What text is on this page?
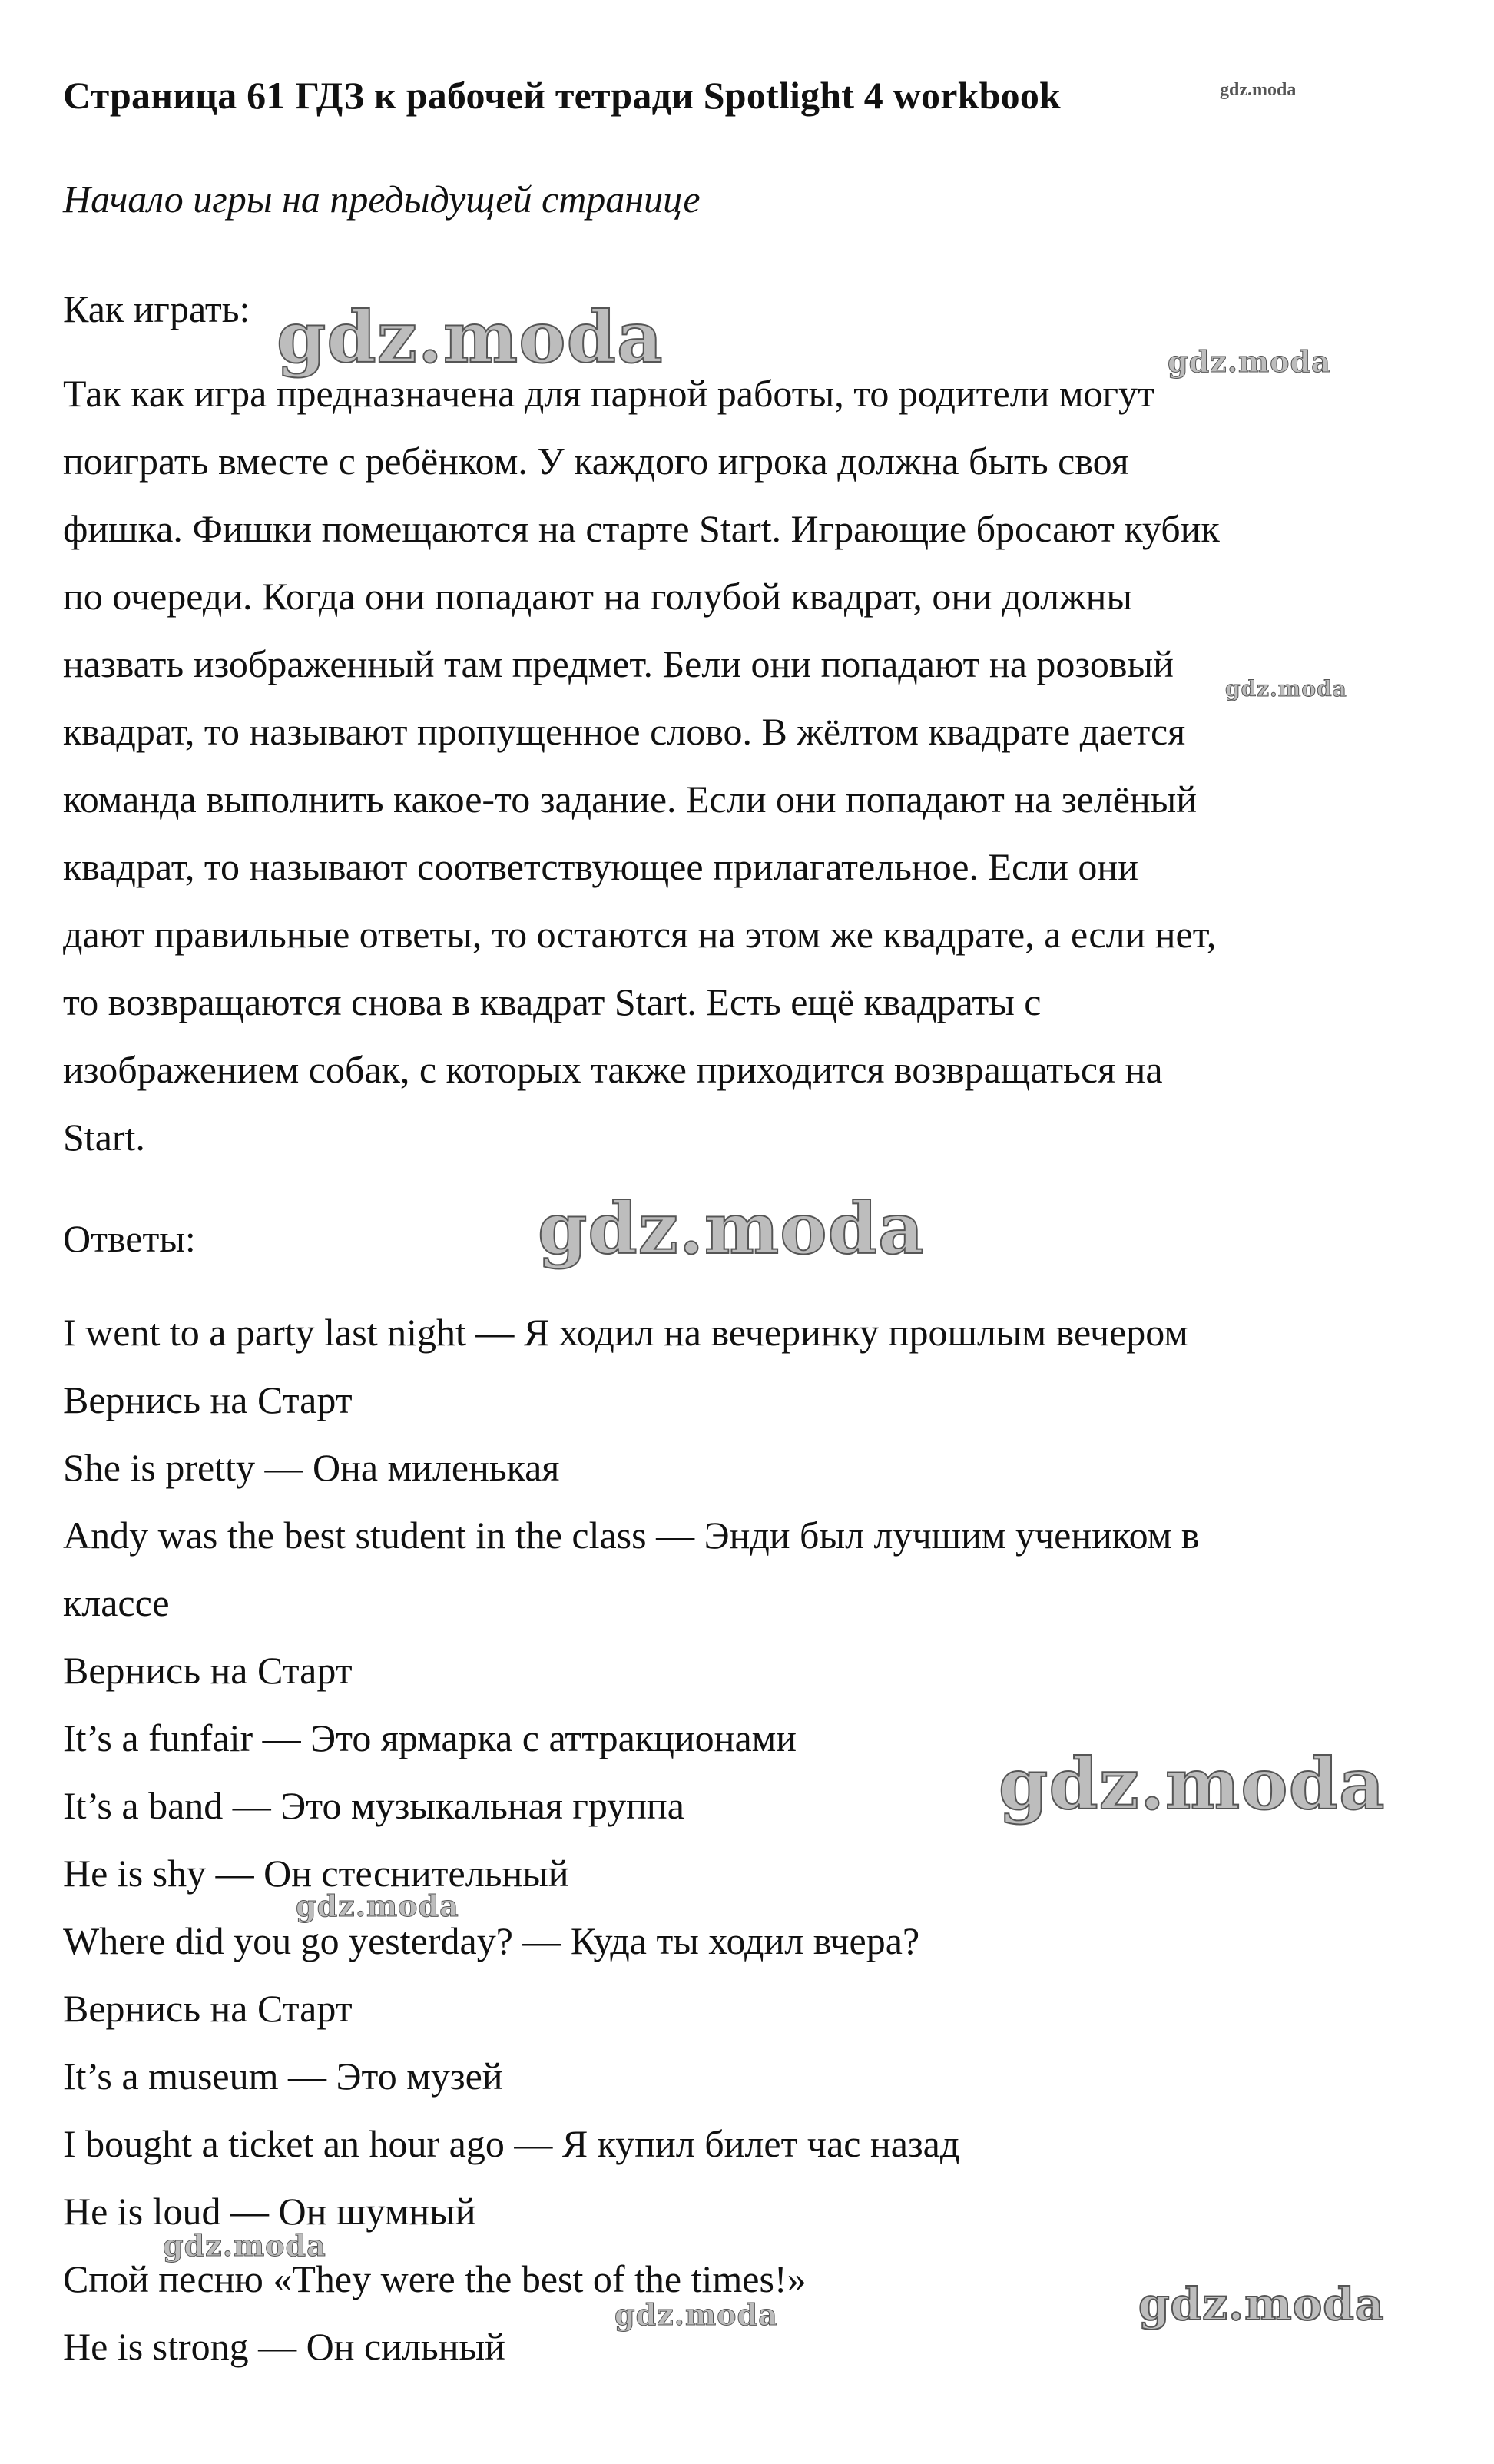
Страница 61 ГДЗ к рабочей тетради Spotlight 4 workbook	gdz.moda
Начало игры на предыдущей странице
Как играть:
Так как игра предназначена для парной работы, то родители могут
поиграть вместе с ребёнком. У каждого игрока должна быть своя
фишка. Фишки помещаются на старте Start. Играющие бросают кубик
по очереди. Когда они попадают на голубой квадрат, они должны
назвать изображенный там предмет. Бели они попадают на розовый
квадрат, то называют пропущенное слово. В жёлтом квадрате дается
команда выполнить какое-то задание. Если они попадают на зелёный
квадрат, то называют соответствующее прилагательное. Если они
дают правильные ответы, то остаются на этом же квадрате, а если нет,
то возвращаются снова в квадрат Start. Есть ещё квадраты с
изображением собак, с которых также приходится возвращаться на
Start.
Ответы:
I went to a party last night — Я ходил на вечеринку прошлым вечером
Вернись на Старт
She is pretty — Она миленькая
Andy was the best student in the class — Энди был лучшим учеником в
классе
Вернись на Старт
It’s a funfair — Это ярмарка с аттракционами
It’s a band — Это музыкальная группа
He is shy — Он стеснительный
Where did you go yesterday? — Куда ты ходил вчера?
Вернись на Старт
It’s a museum — Это музей
I bought a ticket an hour ago — Я купил билет час назад
He is loud — Он шумный
Спой песню «They were the best of the times!»
He is strong — Он сильный
gdz.moda	gdz.moda
gdz.moda
gdz.moda
gdz.moda
gdz.moda
gdz.moda
gdz.moda	gdz.moda
